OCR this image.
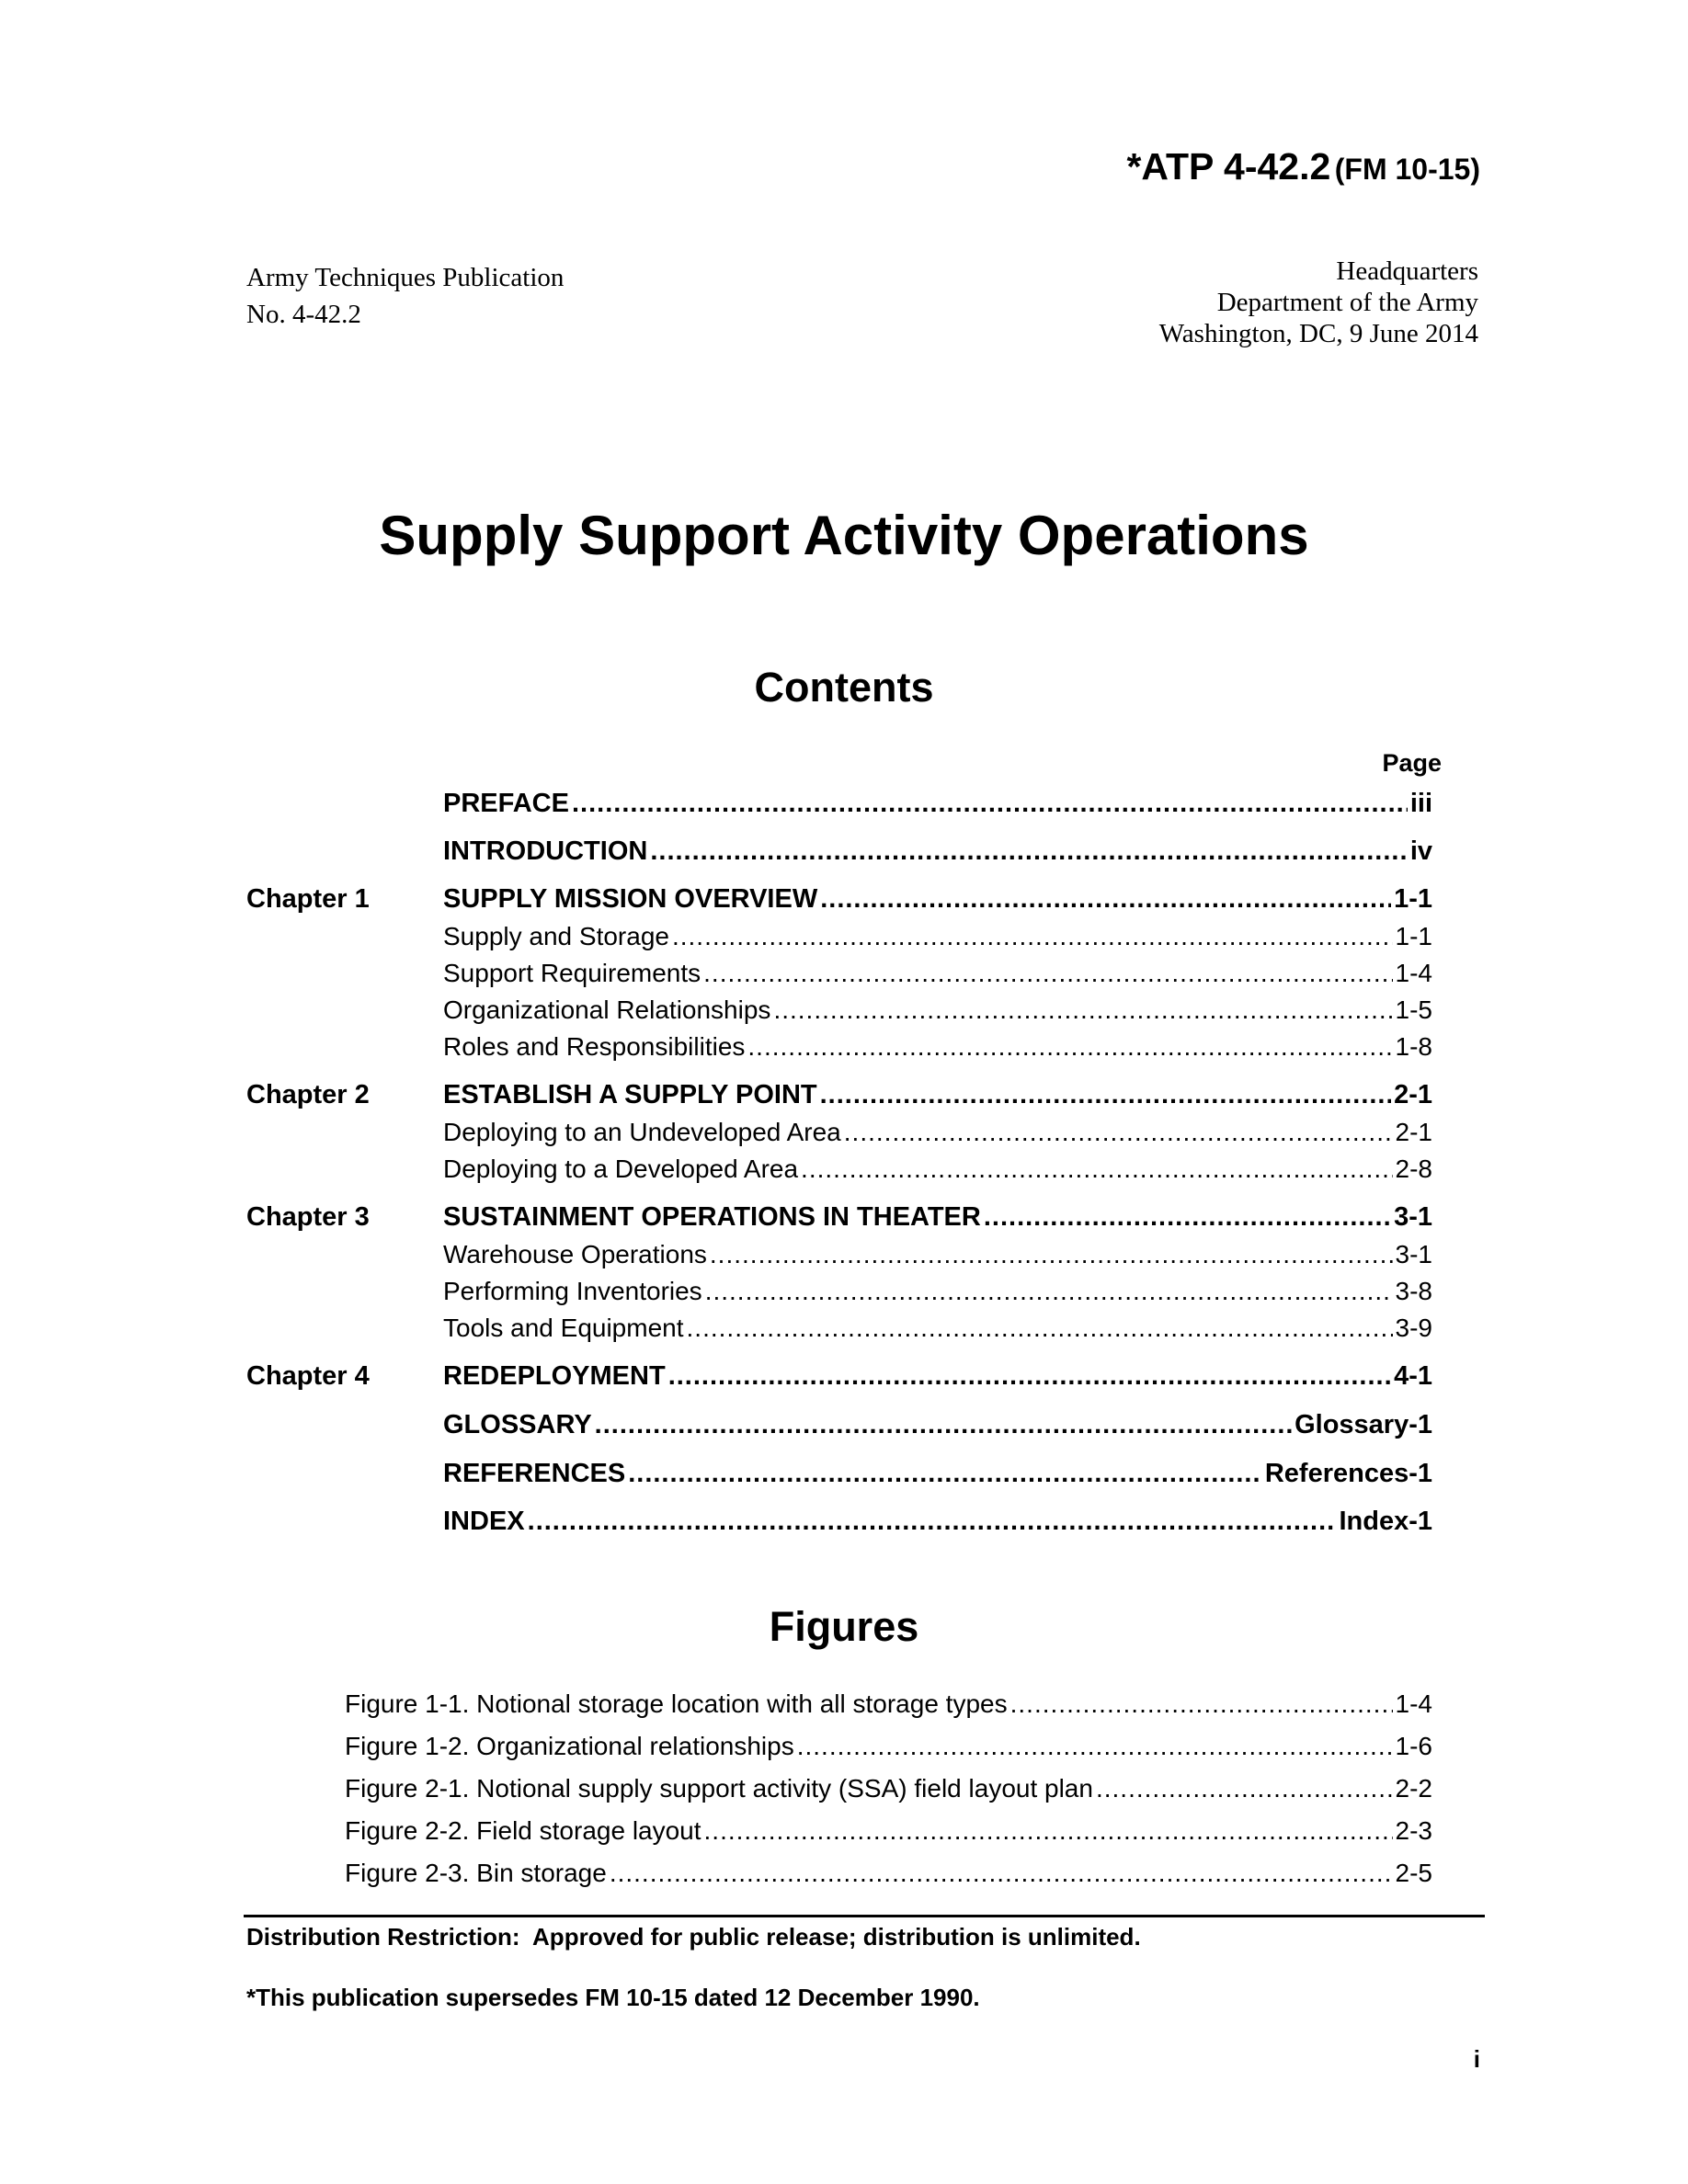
*ATP 4-42.2 (FM 10-15)
Army Techniques Publication
No. 4-42.2
Headquarters
Department of the Army
Washington, DC, 9 June 2014
Supply Support Activity Operations
Contents
Page
PREFACE .....	iii
INTRODUCTION .....	iv
Chapter 1	SUPPLY MISSION OVERVIEW .....	1-1
Supply and Storage .....	1-1
Support Requirements .....	1-4
Organizational Relationships .....	1-5
Roles and Responsibilities .....	1-8
Chapter 2	ESTABLISH A SUPPLY POINT .....	2-1
Deploying to an Undeveloped Area .....	2-1
Deploying to a Developed Area .....	2-8
Chapter 3	SUSTAINMENT OPERATIONS IN THEATER .....	3-1
Warehouse Operations .....	3-1
Performing Inventories .....	3-8
Tools and Equipment .....	3-9
Chapter 4	REDEPLOYMENT .....	4-1
GLOSSARY .....	Glossary-1
REFERENCES .....	References-1
INDEX .....	Index-1
Figures
Figure 1-1. Notional storage location with all storage types .....	1-4
Figure 1-2. Organizational relationships .....	1-6
Figure 2-1. Notional supply support activity (SSA) field layout plan .....	2-2
Figure 2-2. Field storage layout .....	2-3
Figure 2-3. Bin storage .....	2-5
Distribution Restriction:  Approved for public release; distribution is unlimited.
*This publication supersedes FM 10-15 dated 12 December 1990.
i
